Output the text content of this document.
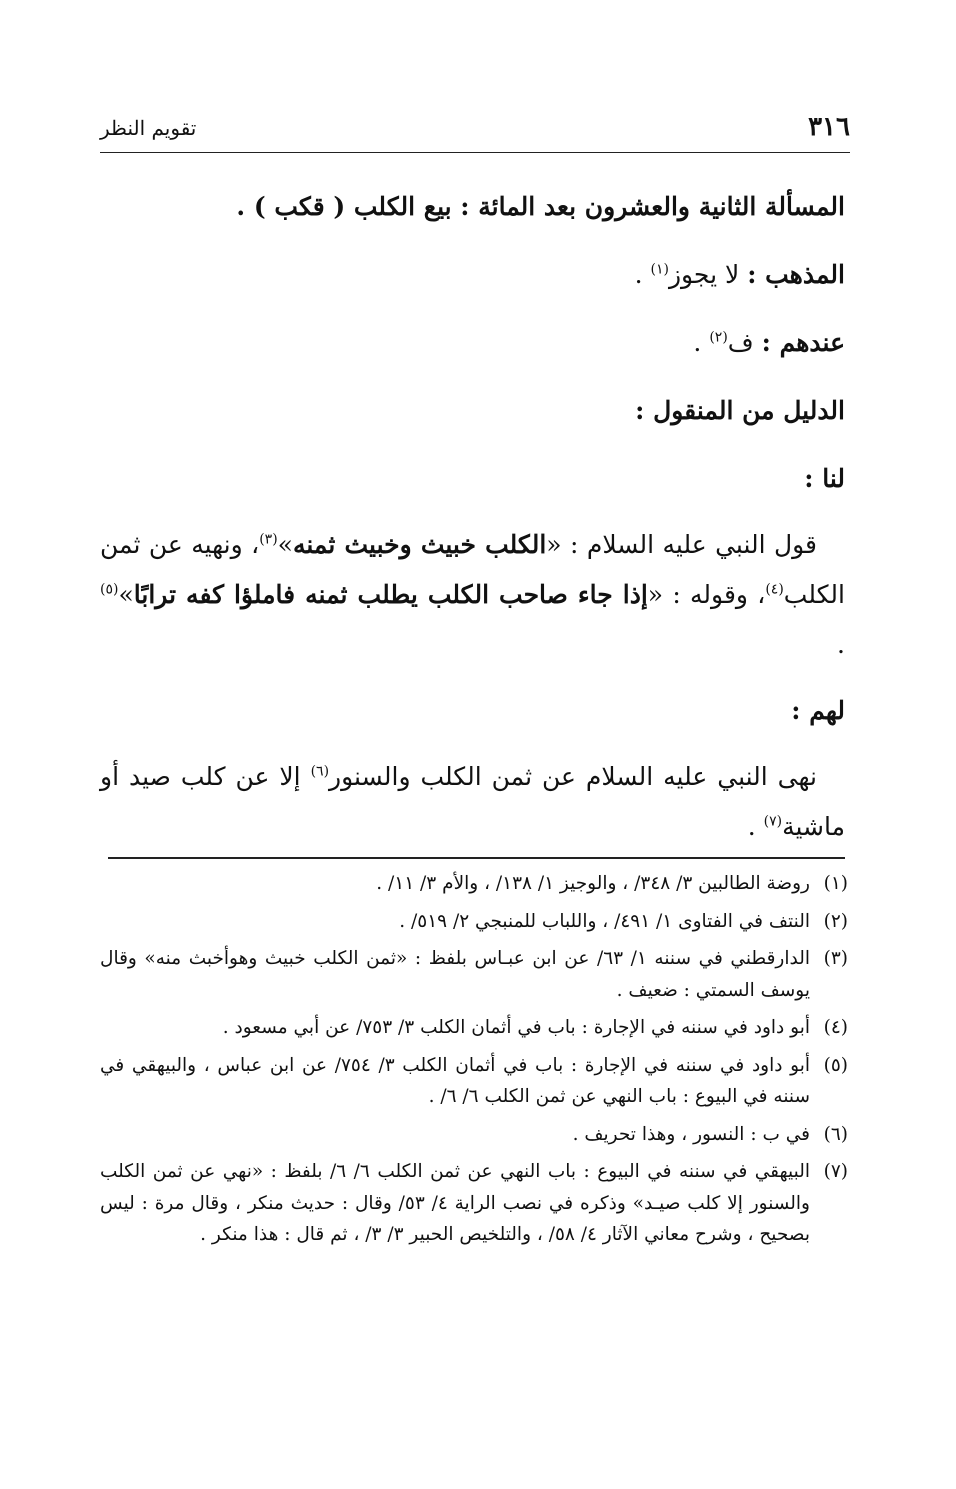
٣١٦
تقويم النظر

المسألة الثانية والعشرون بعد المائة : بيع الكلب ( قكب ) .

المذهب : لا يجوز$^{(١)}$ .

عندهم : ف$^{(٢)}$ .

الدليل من المنقول :

لنا :

قول النبي عليه السلام : «الكلب خبيث وخبيث ثمنه»$^{(٣)}$، ونهيه عن ثمن الكلب$^{(٤)}$، وقوله : «إذا جاء صاحب الكلب يطلب ثمنه فاملؤا كفه ترابًا»$^{(٥)}$ .

لهم :

نهى النبي عليه السلام عن ثمن الكلب والسنور$^{(٦)}$ إلا عن كلب صيد أو ماشية$^{(٧)}$ .

(١)
روضة الطالبين ٣/ ٣٤٨/ ، والوجيز ١/ ١٣٨/ ، والأم ٣/ ١١/ .
(٢)
النتف في الفتاوى ١/ ٤٩١/ ، واللباب للمنبجي ٢/ ٥١٩/ .
(٣)
الدارقطني في سننه ١/ ٦٣/ عن ابن عبـاس بلفظ : «ثمن الكلب خبيث وهوأخبث منه» وقال يوسف السمتي : ضعيف .
(٤)
أبو داود في سننه في الإجارة : باب في أثمان الكلب ٣/ ٧٥٣/ عن أبي مسعود .
(٥)
أبو داود في سننه في الإجارة : باب في أثمان الكلب ٣/ ٧٥٤/ عن ابن عباس ، والبيهقي في سننه في البيوع : باب النهي عن ثمن الكلب ٦/ ٦/ .
(٦)
في ب : النسور ، وهذا تحريف .
(٧)
البيهقي في سننه في البيوع : باب النهي عن ثمن الكلب ٦/ ٦/ بلفظ : «نهي عن ثمن الكلب والسنور إلا كلب صيـد» وذكره في نصب الراية ٤/ ٥٣/ وقال : حديث منكر ، وقال مرة : ليس بصحيح ، وشرح معاني الآثار ٤/ ٥٨/ ، والتلخيص الحبير ٣/ ٣/ ، ثم قال : هذا منكر .
